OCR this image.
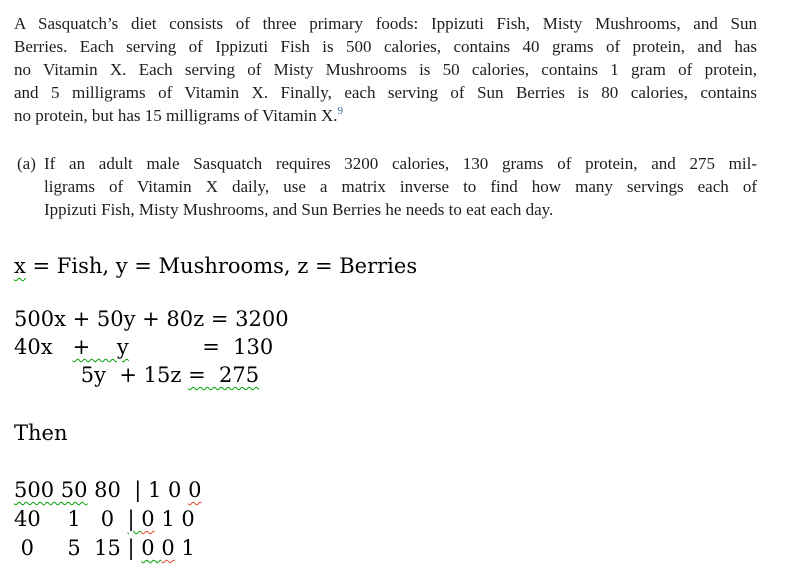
A Sasquatch’s diet consists of three primary foods: Ippizuti Fish, Misty Mushrooms, and Sun
Berries. Each serving of Ippizuti Fish is 500 calories, contains 40 grams of protein, and has
no Vitamin X. Each serving of Misty Mushrooms is 50 calories, contains 1 gram of protein,
and 5 milligrams of Vitamin X. Finally, each serving of Sun Berries is 80 calories, contains
no protein, but has 15 milligrams of Vitamin X.$^9$
(a) If an adult male Sasquatch requires 3200 calories, 130 grams of protein, and 275 mil-
ligrams of Vitamin X daily, use a matrix inverse to find how many servings each of
Ippizuti Fish, Misty Mushrooms, and Sun Berries he needs to eat each day.
x = Fish, y = Mushrooms, z = Berries
500x + 50y + 80z = 3200
40x   +    y           =  130
5y  + 15z =  275
Then
500 50 80  | 1 0 0
40    1   0  | 0 1 0
0     5  15 | 0 0 1
